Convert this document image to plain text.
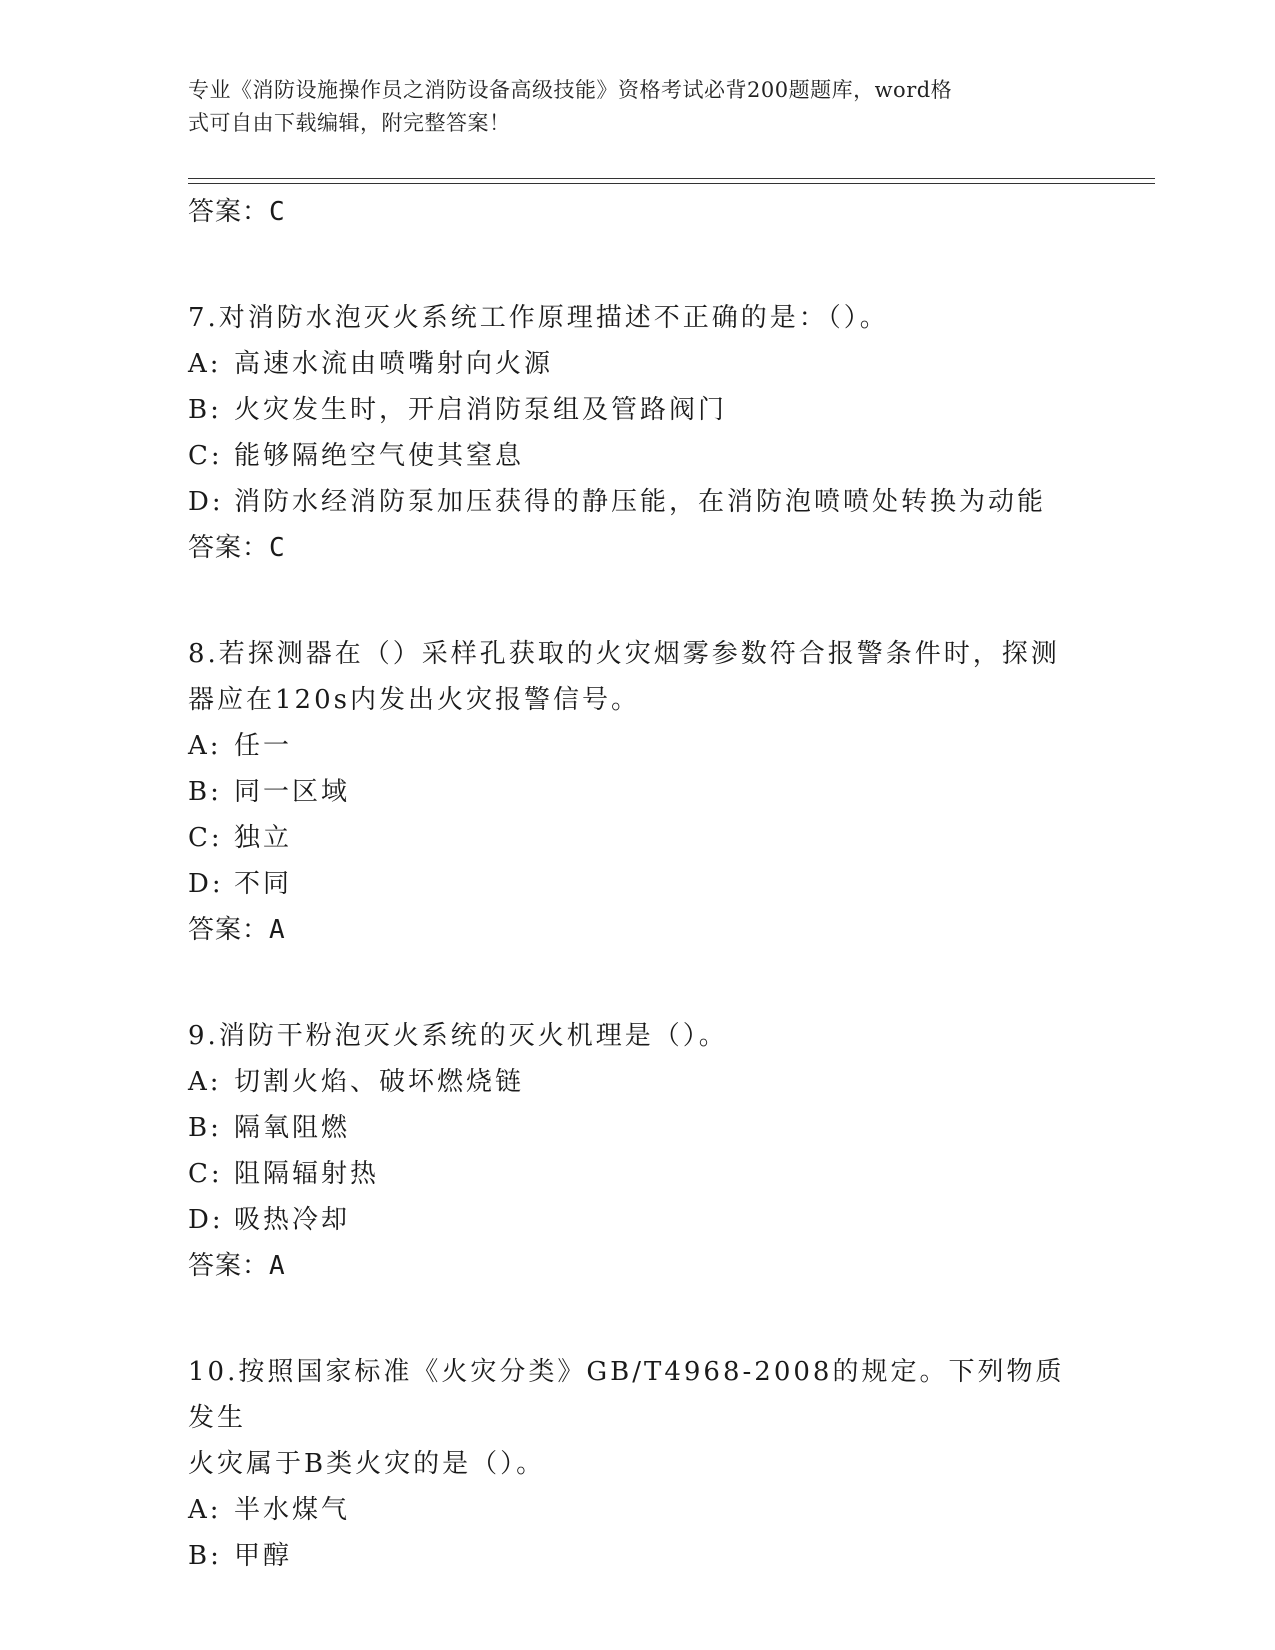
专业《消防设施操作员之消防设备高级技能》资格考试必背200题题库，word格
式可自由下载编辑，附完整答案！
答案：C
7.对消防水泡灭火系统工作原理描述不正确的是：（）。
A: 高速水流由喷嘴射向火源
B: 火灾发生时，开启消防泵组及管路阀门
C: 能够隔绝空气使其窒息
D: 消防水经消防泵加压获得的静压能，在消防泡喷喷处转换为动能
答案：C
8.若探测器在（）采样孔获取的火灾烟雾参数符合报警条件时，探测
器应在120s内发出火灾报警信号。
A: 任一
B: 同一区域
C: 独立
D: 不同
答案：A
9.消防干粉泡灭火系统的灭火机理是（）。
A: 切割火焰、破坏燃烧链
B: 隔氧阻燃
C: 阻隔辐射热
D: 吸热冷却
答案：A
10.按照国家标准《火灾分类》GB/T4968-2008的规定。下列物质发生
火灾属于B类火灾的是（）。
A: 半水煤气
B: 甲醇
